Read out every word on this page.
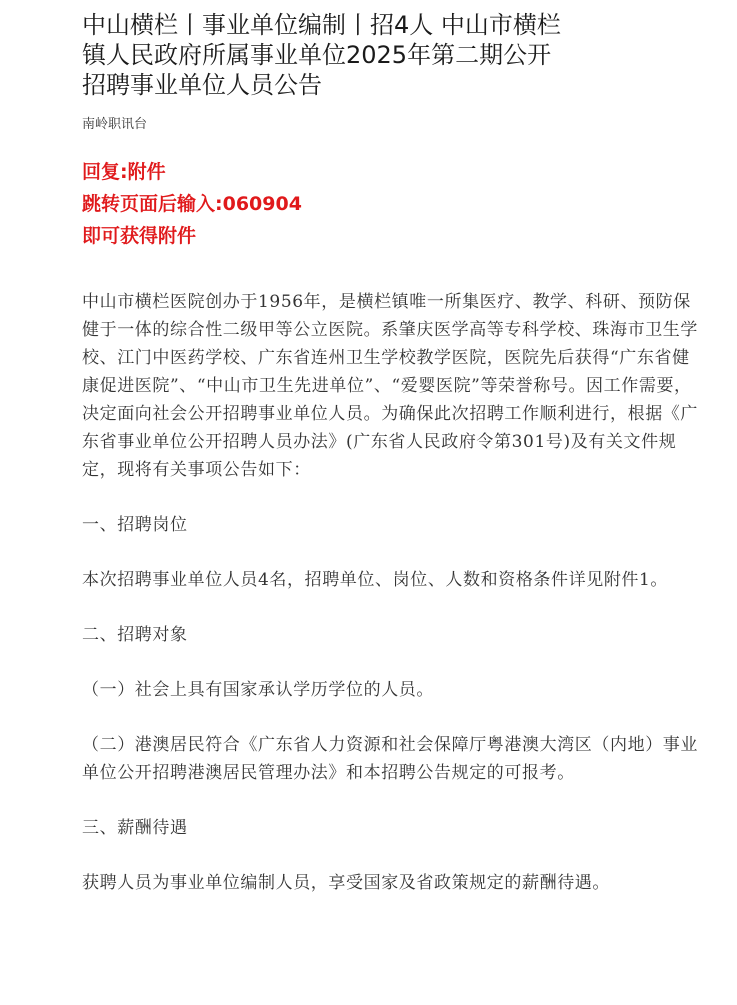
中山横栏丨事业单位编制丨招4人 中山市横栏
镇人民政府所属事业单位2025年第二期公开
招聘事业单位人员公告
南岭职讯台
回复:附件
跳转页面后输入:060904
即可获得附件

中山市横栏医院创办于1956年，是横栏镇唯一所集医疗、教学、科研、预防保健于一体的综合性二级甲等公立医院。系肇庆医学高等专科学校、珠海市卫生学校、江门中医药学校、广东省连州卫生学校教学医院，医院先后获得“广东省健康促进医院”、“中山市卫生先进单位”、“爱婴医院”等荣誉称号。因工作需要，决定面向社会公开招聘事业单位人员。为确保此次招聘工作顺利进行，根据《广东省事业单位公开招聘人员办法》(广东省人民政府令第301号)及有关文件规定，现将有关事项公告如下：

一、招聘岗位

本次招聘事业单位人员4名，招聘单位、岗位、人数和资格条件详见附件1。

二、招聘对象

（一）社会上具有国家承认学历学位的人员。

（二）港澳居民符合《广东省人力资源和社会保障厅粤港澳大湾区（内地）事业单位公开招聘港澳居民管理办法》和本招聘公告规定的可报考。

三、薪酬待遇

获聘人员为事业单位编制人员，享受国家及省政策规定的薪酬待遇。
